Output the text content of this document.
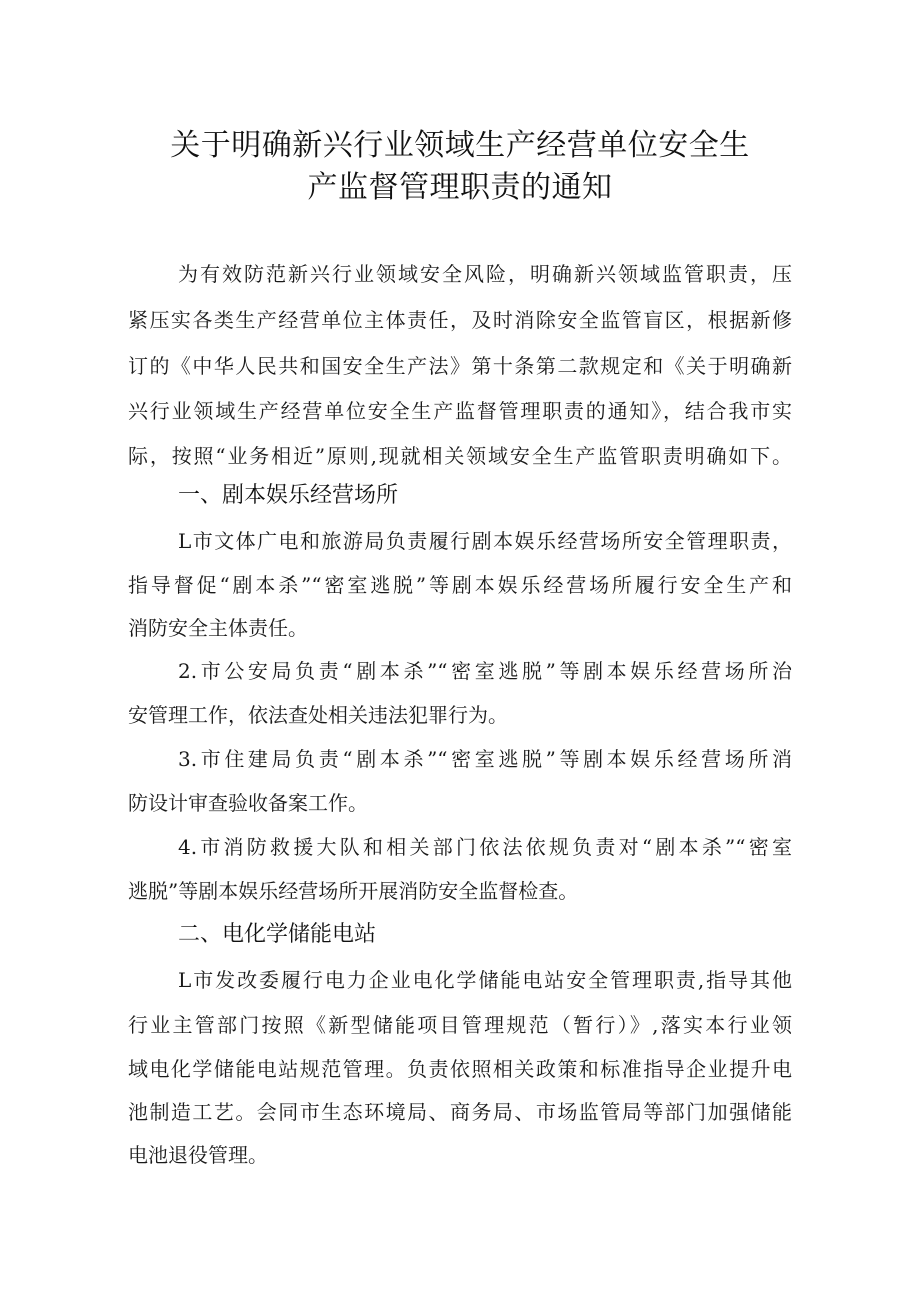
关于明确新兴行业领域生产经营单位安全生
产监督管理职责的通知
为有效防范新兴行业领域安全风险，明确新兴领域监管职责，压
紧压实各类生产经营单位主体责任，及时消除安全监管盲区，根据新修
订的《中华人民共和国安全生产法》第十条第二款规定和《关于明确新
兴行业领域生产经营单位安全生产监督管理职责的通知》，结合我市实
际，按照“业务相近”原则,现就相关领域安全生产监管职责明确如下。
一、剧本娱乐经营场所
L市文体广电和旅游局负责履行剧本娱乐经营场所安全管理职责，
指导督促“剧本杀”“密室逃脱”等剧本娱乐经营场所履行安全生产和
消防安全主体责任。
2.市公安局负责“剧本杀”“密室逃脱”等剧本娱乐经营场所治
安管理工作，依法查处相关违法犯罪行为。
3.市住建局负责“剧本杀”“密室逃脱”等剧本娱乐经营场所消
防设计审查验收备案工作。
4.市消防救援大队和相关部门依法依规负责对“剧本杀”“密室
逃脱”等剧本娱乐经营场所开展消防安全监督检查。
二、电化学储能电站
L市发改委履行电力企业电化学储能电站安全管理职责,指导其他
行业主管部门按照《新型储能项目管理规范（暂行）》,落实本行业领
域电化学储能电站规范管理。负责依照相关政策和标准指导企业提升电
池制造工艺。会同市生态环境局、商务局、市场监管局等部门加强储能
电池退役管理。
